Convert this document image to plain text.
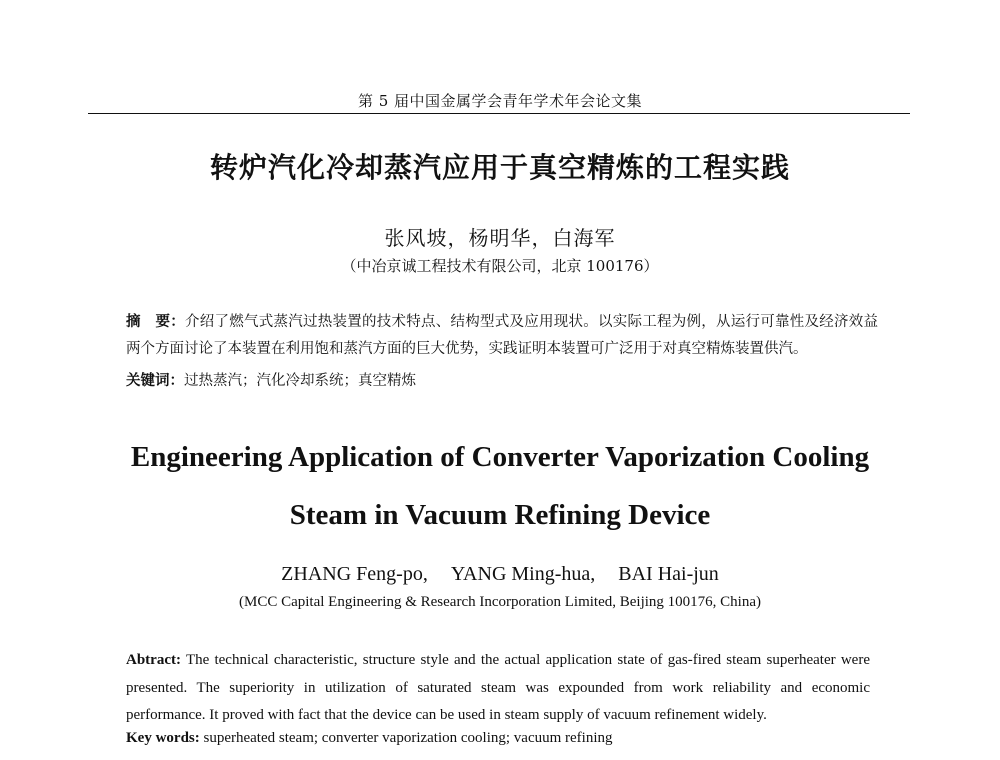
第 5 届中国金属学会青年学术年会论文集
转炉汽化冷却蒸汽应用于真空精炼的工程实践
张风坡，杨明华，白海军
（中冶京诚工程技术有限公司，北京 100176）
摘　要：介绍了燃气式蒸汽过热装置的技术特点、结构型式及应用现状。以实际工程为例，从运行可靠性及经济效益两个方面讨论了本装置在利用饱和蒸汽方面的巨大优势，实践证明本装置可广泛用于对真空精炼装置供汽。
关键词：过热蒸汽；汽化冷却系统；真空精炼
Engineering Application of Converter Vaporization Cooling
Steam in Vacuum Refining Device
ZHANG Feng-po, YANG Ming-hua, BAI Hai-jun
(MCC Capital Engineering & Research Incorporation Limited, Beijing 100176, China)
Abtract: The technical characteristic, structure style and the actual application state of gas-fired steam superheater were presented. The superiority in utilization of saturated steam was expounded from work reliability and economic performance. It proved with fact that the device can be used in steam supply of vacuum refinement widely.
Key words: superheated steam; converter vaporization cooling; vacuum refining
